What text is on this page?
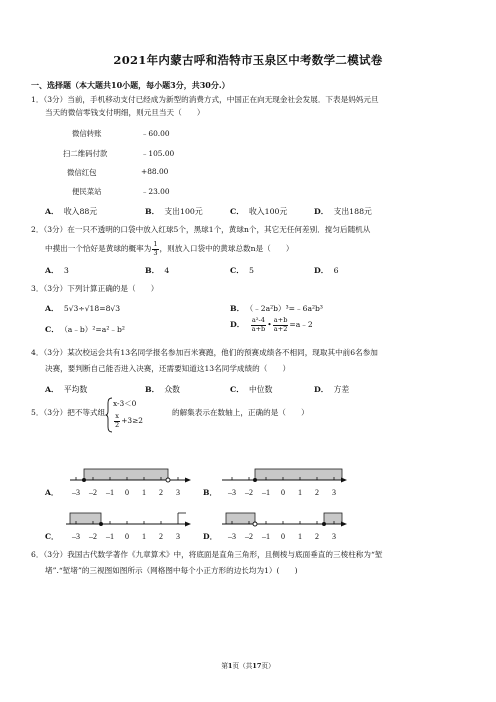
2021年内蒙古呼和浩特市玉泉区中考数学二模试卷
一、选择题（本大题共10小题，每小题3分，共30分.）
1．（3分）当前，手机移动支付已经成为新型的消费方式，中国正在向无现金社会发展．下表是妈妈元旦
当天的微信零钱支付明细，则元旦当天（　　）
微信转账	﹣60.00
扫二维码付款	﹣105.00
微信红包	+88.00
便民菜站	﹣23.00
A． 收入88元	B． 支出100元	C． 收入100元	D． 支出188元
2．（3分）在一只不透明的口袋中放入红球5个，黑球1个，黄球n个，其它无任何差别．搅匀后随机从
中摸出一个恰好是黄球的概率为 $\frac{1}{3}$ ，则放入口袋中的黄球总数n是（　　）
A． 3	B． 4	C． 5	D． 6
3．（3分）下列计算正确的是（　　）
A． 5√3÷√18=8√3	B． （﹣2a²b）³=﹣6a²b³
C． （a﹣b）²=a²﹣b²
D． $\frac{\text{a²-4}}{a+b}$ • $\frac{a+b}{a+2}$ =a﹣2
4．（3分）某次校运会共有13名同学报名参加百米赛跑，他们的预赛成绩各不相同，现取其中前6名参加
决赛，要判断自己能否进入决赛，还需要知道这13名同学成绩的（　　）
A． 平均数	B． 众数	C． 中位数	D． 方差
5．（3分）把不等式组
x-3＜0
$\frac{x}{2} +3\ge 2$
的解集表示在数轴上，正确的是（　　）
A． –3 –2 –1 0 1 2 3	B． –3 –2 –1 0 1 2 3
C． –3 –2 –1 0 1 2 3	D． –3 –2 –1 0 1 2 3
6．（3分）我国古代数学著作《九章算术》中，将底面是直角三角形，且侧棱与底面垂直的三棱柱称为“堑
堵”.“堑堵”的三视图如图所示（网格图中每个小正方形的边长均为1）(　　)
第1页（共17页）
